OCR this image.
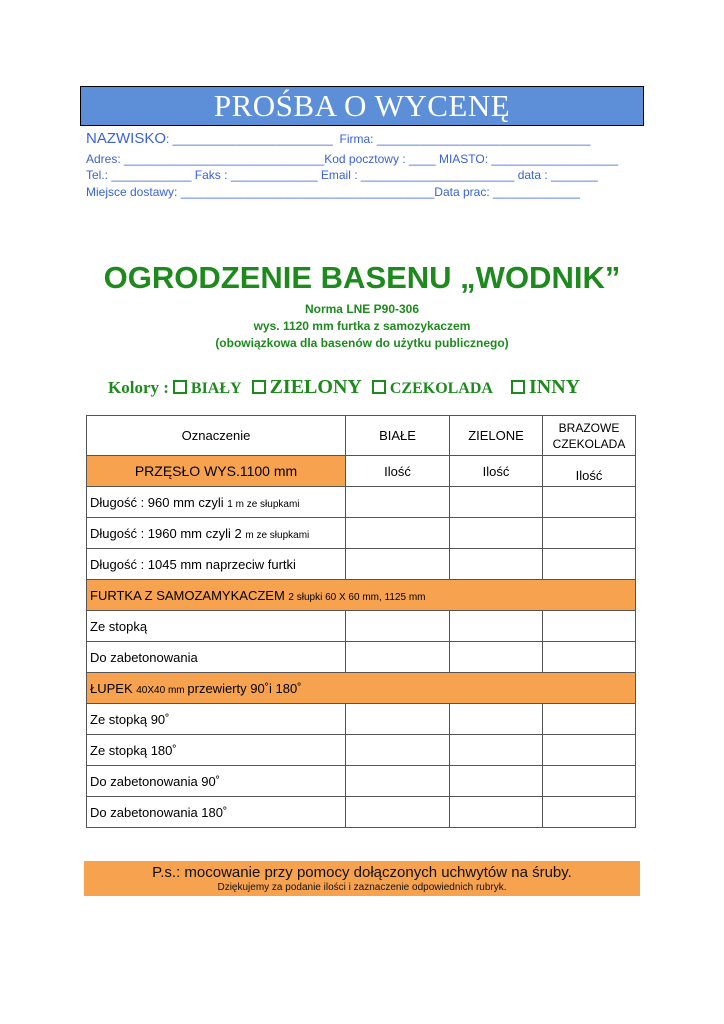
PROŚBA O WYCENĘ
NAZWISKO: ________________________  Firma: ________________________________
Adres: ______________________________Kod pocztowy : ____ MIASTO: ___________________
Tel.: ____________ Faks : _____________ Email : _______________________ data : _______
Miejsce dostawy: ______________________________________Data prac: _____________
OGRODZENIE BASENU „WODNIK”
Norma LNE P90-306
wys. 1120 mm furtka z samozykaczem
(obowiązkowa dla basenów do użytku publicznego)
Kolory : BIAŁY ZIELONY CZEKOLADA INNY
Oznaczenie	BIAŁE	ZIELONE	BRAZOWE CZEKOLADA
PRZĘSŁO WYS.1100 mm	Ilość	Ilość	Ilość
Długość : 960 mm czyli 1 m ze słupkami			
Długość : 1960 mm czyli 2 m ze słupkami			
Długość : 1045 mm naprzeciw furtki			
FURTKA Z SAMOZAMYKACZEM 2 słupki 60 X 60 mm, 1125 mm			
Ze stopką			
Do zabetonowania			
ŁUPEK 40X40 mm przewierty 90˚i 180˚			
Ze stopką 90˚			
Ze stopką 180˚			
Do zabetonowania 90˚			
Do zabetonowania 180˚			
P.s.: mocowanie przy pomocy dołączonych uchwytów na śruby.
Dziękujemy za podanie ilości i zaznaczenie odpowiednich rubryk.
